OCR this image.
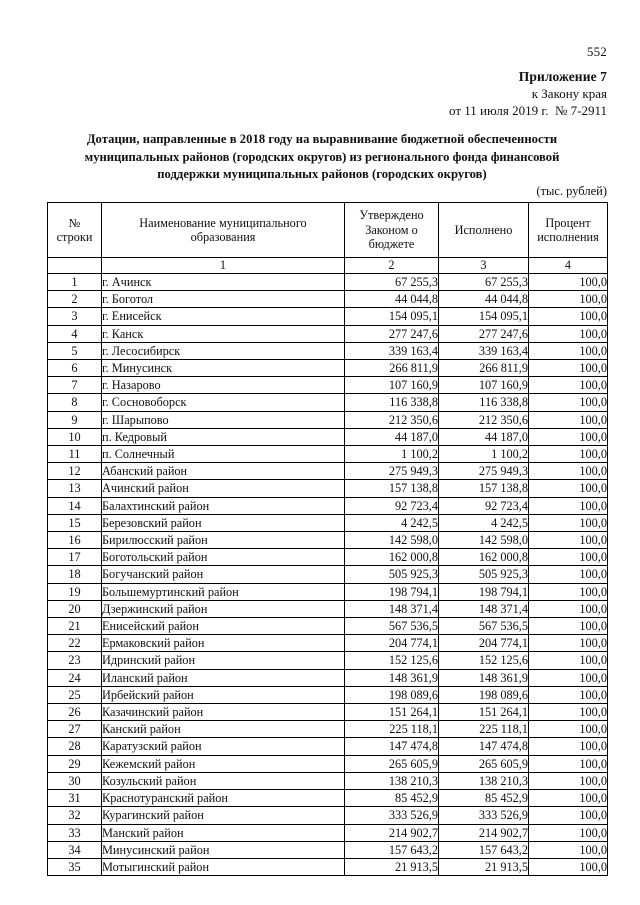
552
Приложение 7
к Закону края
от 11 июля 2019 г.  № 7-2911
Дотации, направленные в 2018 году на выравнивание бюджетной обеспеченности
муниципальных районов (городских округов) из регионального фонда финансовой
поддержки муниципальных районов (городских округов)
(тыс. рублей)
№
строки	Наименование муниципального
образования	Утверждено
Законом о
бюджете	Исполнено	Процент
исполнения
	1	2	3	4
1	г. Ачинск	67 255,3	67 255,3	100,0
2	г. Боготол	44 044,8	44 044,8	100,0
3	г. Енисейск	154 095,1	154 095,1	100,0
4	г. Канск	277 247,6	277 247,6	100,0
5	г. Лесосибирск	339 163,4	339 163,4	100,0
6	г. Минусинск	266 811,9	266 811,9	100,0
7	г. Назарово	107 160,9	107 160,9	100,0
8	г. Сосновоборск	116 338,8	116 338,8	100,0
9	г. Шарыпово	212 350,6	212 350,6	100,0
10	п. Кедровый	44 187,0	44 187,0	100,0
11	п. Солнечный	1 100,2	1 100,2	100,0
12	Абанский район	275 949,3	275 949,3	100,0
13	Ачинский район	157 138,8	157 138,8	100,0
14	Балахтинский район	92 723,4	92 723,4	100,0
15	Березовский район	4 242,5	4 242,5	100,0
16	Бирилюсский район	142 598,0	142 598,0	100,0
17	Боготольский район	162 000,8	162 000,8	100,0
18	Богучанский район	505 925,3	505 925,3	100,0
19	Большемуртинский район	198 794,1	198 794,1	100,0
20	Дзержинский район	148 371,4	148 371,4	100,0
21	Енисейский район	567 536,5	567 536,5	100,0
22	Ермаковский район	204 774,1	204 774,1	100,0
23	Идринский район	152 125,6	152 125,6	100,0
24	Иланский район	148 361,9	148 361,9	100,0
25	Ирбейский район	198 089,6	198 089,6	100,0
26	Казачинский район	151 264,1	151 264,1	100,0
27	Канский район	225 118,1	225 118,1	100,0
28	Каратузский район	147 474,8	147 474,8	100,0
29	Кежемский район	265 605,9	265 605,9	100,0
30	Козульский район	138 210,3	138 210,3	100,0
31	Краснотуранский район	85 452,9	85 452,9	100,0
32	Курагинский район	333 526,9	333 526,9	100,0
33	Манский район	214 902,7	214 902,7	100,0
34	Минусинский район	157 643,2	157 643,2	100,0
35	Мотыгинский район	21 913,5	21 913,5	100,0
